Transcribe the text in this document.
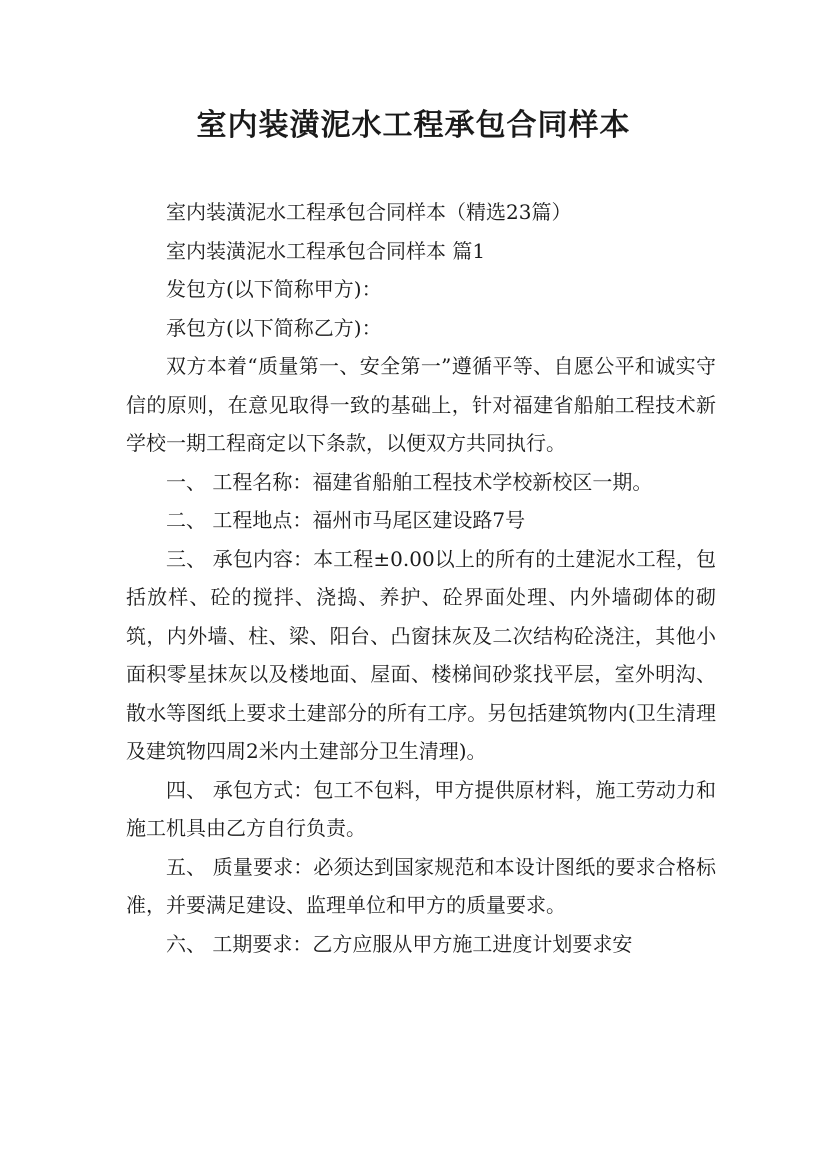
室内装潢泥水工程承包合同样本

室内装潢泥水工程承包合同样本（精选23篇）

室内装潢泥水工程承包合同样本 篇1

发包方(以下简称甲方)：

承包方(以下简称乙方)：

双方本着“质量第一、安全第一”遵循平等、自愿公平和诚实守信的原则，在意见取得一致的基础上，针对福建省船舶工程技术新学校一期工程商定以下条款，以便双方共同执行。

一、 工程名称：福建省船舶工程技术学校新校区一期。

二、 工程地点：福州市马尾区建设路7号

三、 承包内容：本工程±0.00以上的所有的土建泥水工程，包括放样、砼的搅拌、浇捣、养护、砼界面处理、内外墙砌体的砌筑，内外墙、柱、梁、阳台、凸窗抹灰及二次结构砼浇注，其他小面积零星抹灰以及楼地面、屋面、楼梯间砂浆找平层，室外明沟、散水等图纸上要求土建部分的所有工序。另包括建筑物内(卫生清理及建筑物四周2米内土建部分卫生清理)。

四、 承包方式：包工不包料，甲方提供原材料，施工劳动力和施工机具由乙方自行负责。

五、 质量要求：必须达到国家规范和本设计图纸的要求合格标准，并要满足建设、监理单位和甲方的质量要求。

六、 工期要求：乙方应服从甲方施工进度计划要求安
